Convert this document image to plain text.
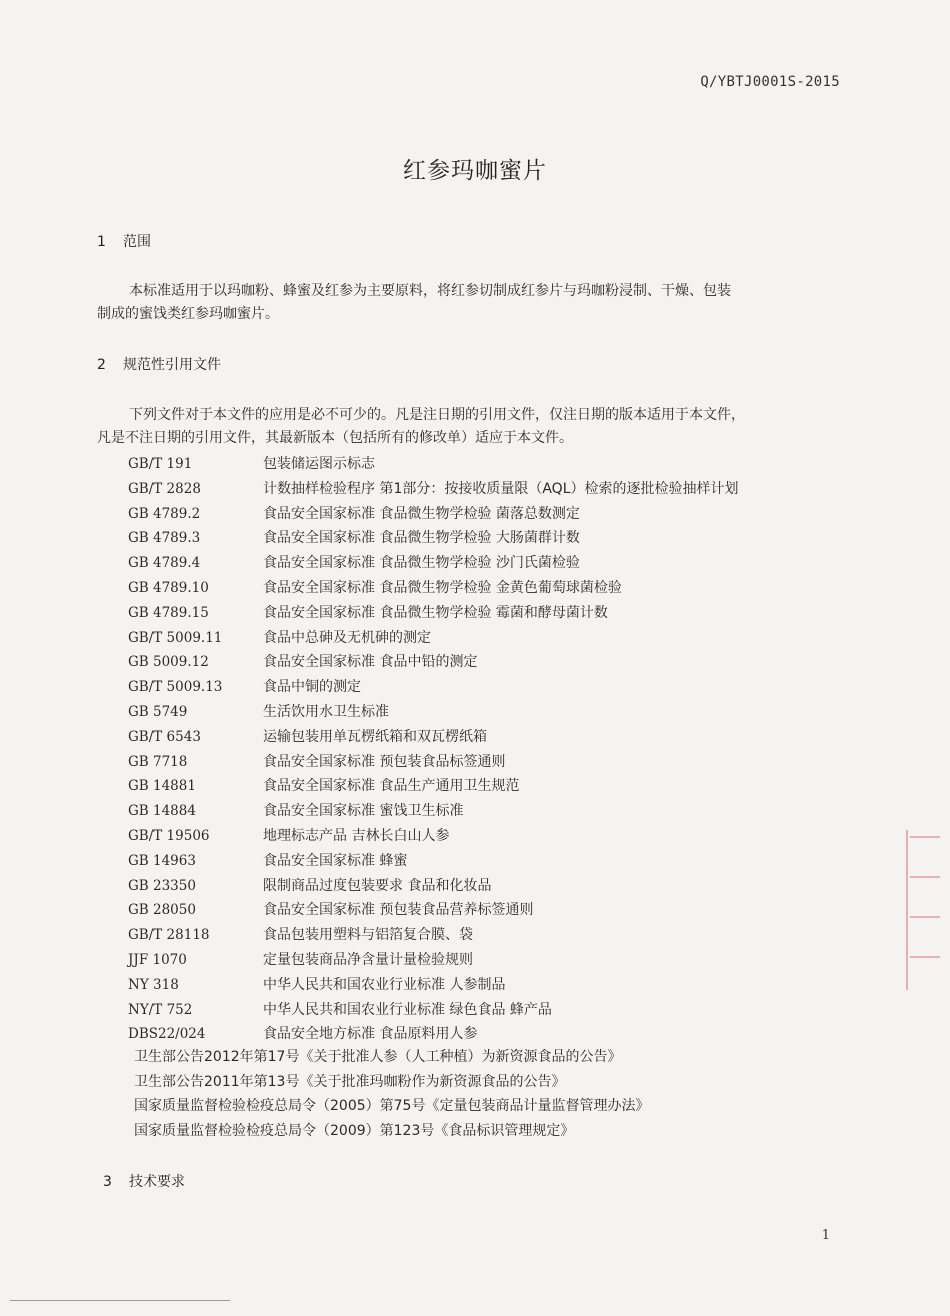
Q/YBTJ0001S-2015
红参玛咖蜜片
1 范围
本标准适用于以玛咖粉、蜂蜜及红参为主要原料，将红参切制成红参片与玛咖粉浸制、干燥、包装
制成的蜜饯类红参玛咖蜜片。
2 规范性引用文件
下列文件对于本文件的应用是必不可少的。凡是注日期的引用文件，仅注日期的版本适用于本文件，
凡是不注日期的引用文件，其最新版本（包括所有的修改单）适应于本文件。
GB/T 191	包装储运图示标志
GB/T 2828	计数抽样检验程序 第1部分：按接收质量限（AQL）检索的逐批检验抽样计划
GB 4789.2	食品安全国家标准 食品微生物学检验 菌落总数测定
GB 4789.3	食品安全国家标准 食品微生物学检验 大肠菌群计数
GB 4789.4	食品安全国家标准 食品微生物学检验 沙门氏菌检验
GB 4789.10	食品安全国家标准 食品微生物学检验 金黄色葡萄球菌检验
GB 4789.15	食品安全国家标准 食品微生物学检验 霉菌和酵母菌计数
GB/T 5009.11	食品中总砷及无机砷的测定
GB 5009.12	食品安全国家标准 食品中铅的测定
GB/T 5009.13	食品中铜的测定
GB 5749	生活饮用水卫生标准
GB/T 6543	运输包装用单瓦楞纸箱和双瓦楞纸箱
GB 7718	食品安全国家标准 预包装食品标签通则
GB 14881	食品安全国家标准 食品生产通用卫生规范
GB 14884	食品安全国家标准 蜜饯卫生标准
GB/T 19506	地理标志产品 吉林长白山人参
GB 14963	食品安全国家标准 蜂蜜
GB 23350	限制商品过度包装要求 食品和化妆品
GB 28050	食品安全国家标准 预包装食品营养标签通则
GB/T 28118	食品包装用塑料与铝箔复合膜、袋
JJF 1070	定量包装商品净含量计量检验规则
NY 318	中华人民共和国农业行业标准 人参制品
NY/T 752	中华人民共和国农业行业标准 绿色食品 蜂产品
DBS22/024	食品安全地方标准 食品原料用人参
卫生部公告2012年第17号《关于批准人参（人工种植）为新资源食品的公告》
卫生部公告2011年第13号《关于批准玛咖粉作为新资源食品的公告》
国家质量监督检验检疫总局令（2005）第75号《定量包装商品计量监督管理办法》
国家质量监督检验检疫总局令（2009）第123号《食品标识管理规定》
3 技术要求
1
